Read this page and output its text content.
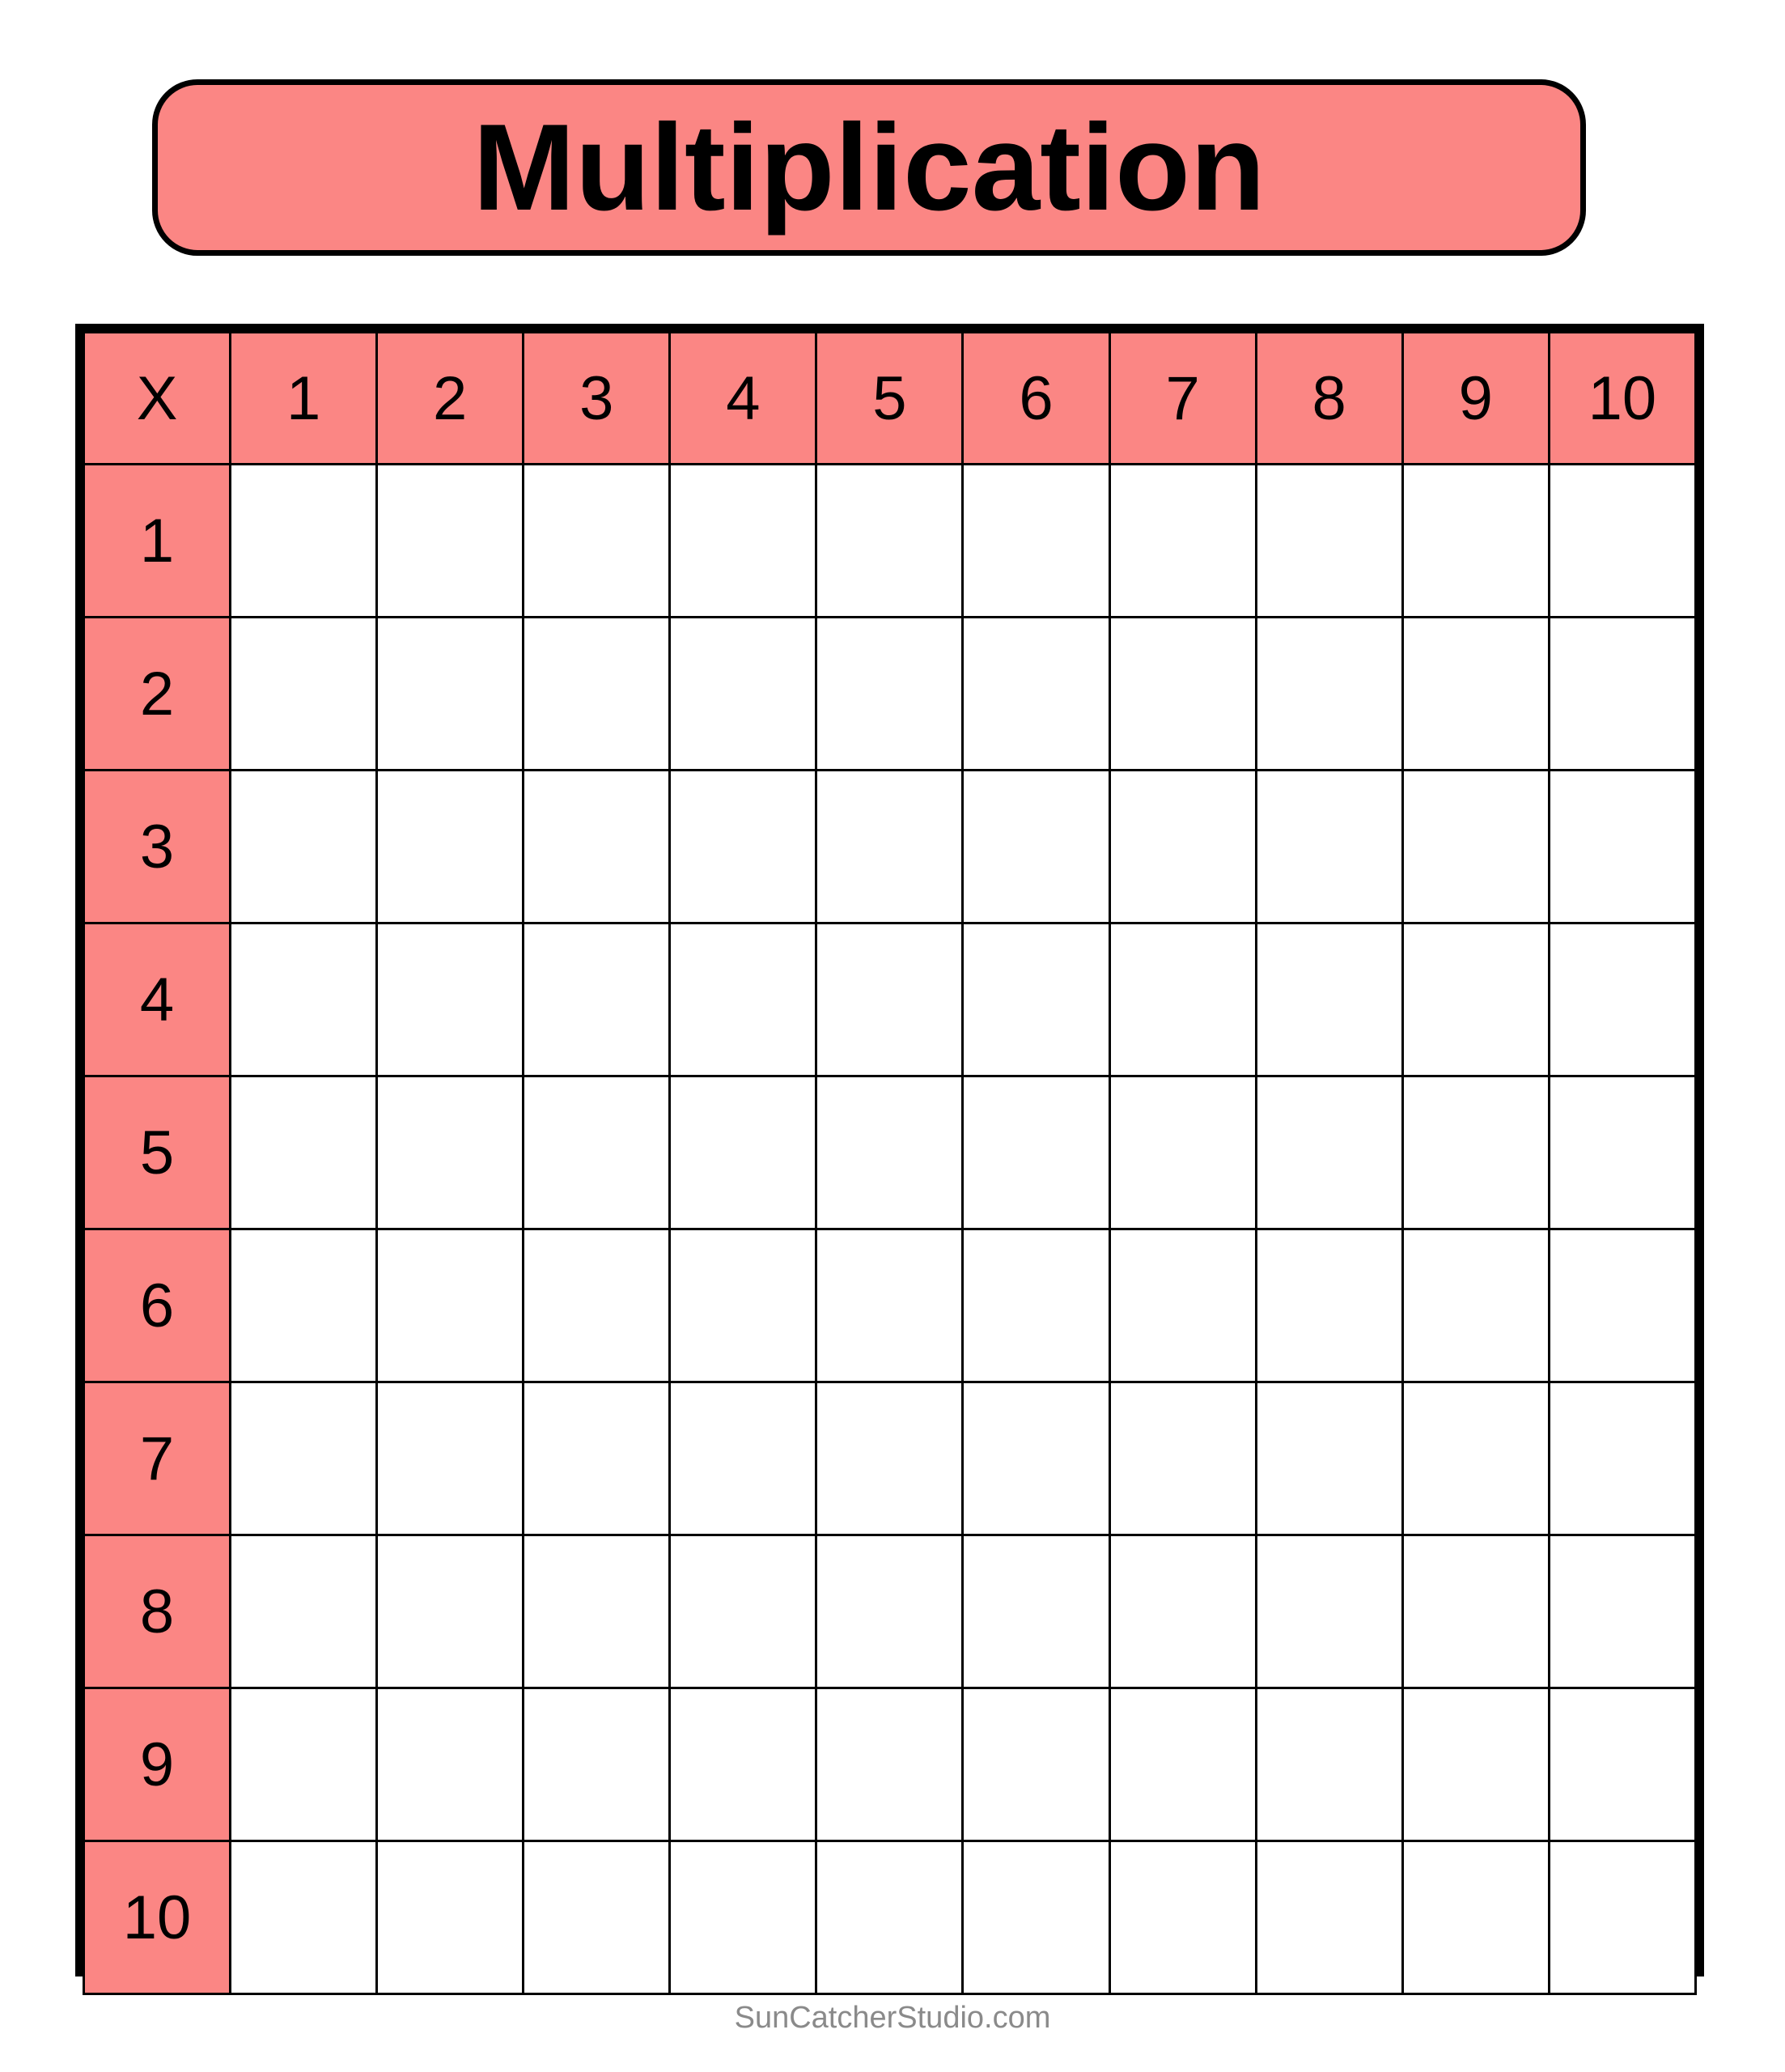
Multiplication
X	1	2	3	4	5	6	7	8	9	10
1										
2										
3										
4										
5										
6										
7										
8										
9										
10										
SunCatcherStudio.com
